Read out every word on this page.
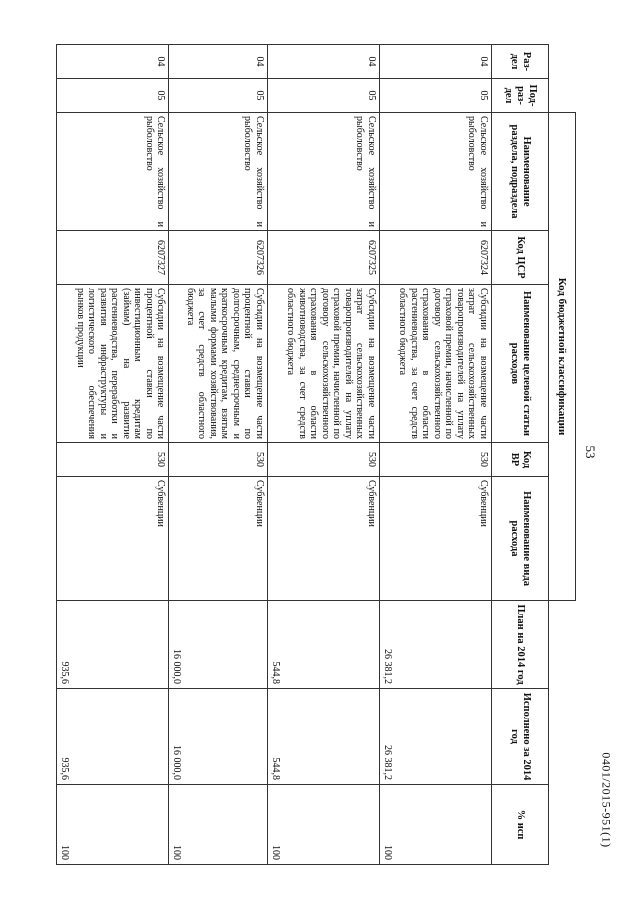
53
0401/2015-951(1)
		Код бюджетной классификации							
Раз-дел	Под-раз-дел	Наименование раздела, подраздела	Код ЦСР	Наименование целевой статьи расходов	Код ВР	Наименование вида расхода	План на 2014 год	Исполнено за 2014 год	% исп
04	05	Сельское хозяйство и рыболовство	6207324	Субсидии на возмещение части затрат сельскохозяйственных товаропроизводителей на уплату страховой премии, начисленной по договору сельскохозяйственного страхования в области растениеводства, за счет средств областного бюджета	530	Субвенции	26 381,2	26 381,2	100
04	05	Сельское хозяйство и рыболовство	6207325	Субсидии на возмещение части затрат сельскохозяйственных товаропроизводителей на уплату страховой премии, начисленной по договору сельскохозяйственного страхования в области животноводства, за счет средств областного бюджета	530	Субвенции	544,8	544,8	100
04	05	Сельское хозяйство и рыболовство	6207326	Субсидии на возмещение части процентной ставки по долгосрочным, среднесрочным и краткосрочным кредитам, взятым малыми формами хозяйствования, за счет средств областного бюджета	530	Субвенции	16 000,0	16 000,0	100
04	05	Сельское хозяйство и рыболовство	6207327	Субсидии на возмещение части процентной ставки по инвестиционным кредитам (займам) на развитие растениеводства, переработки и развития инфраструктуры и логистического обеспечения рынков продукции	530	Субвенции	935,6	935,6	100
